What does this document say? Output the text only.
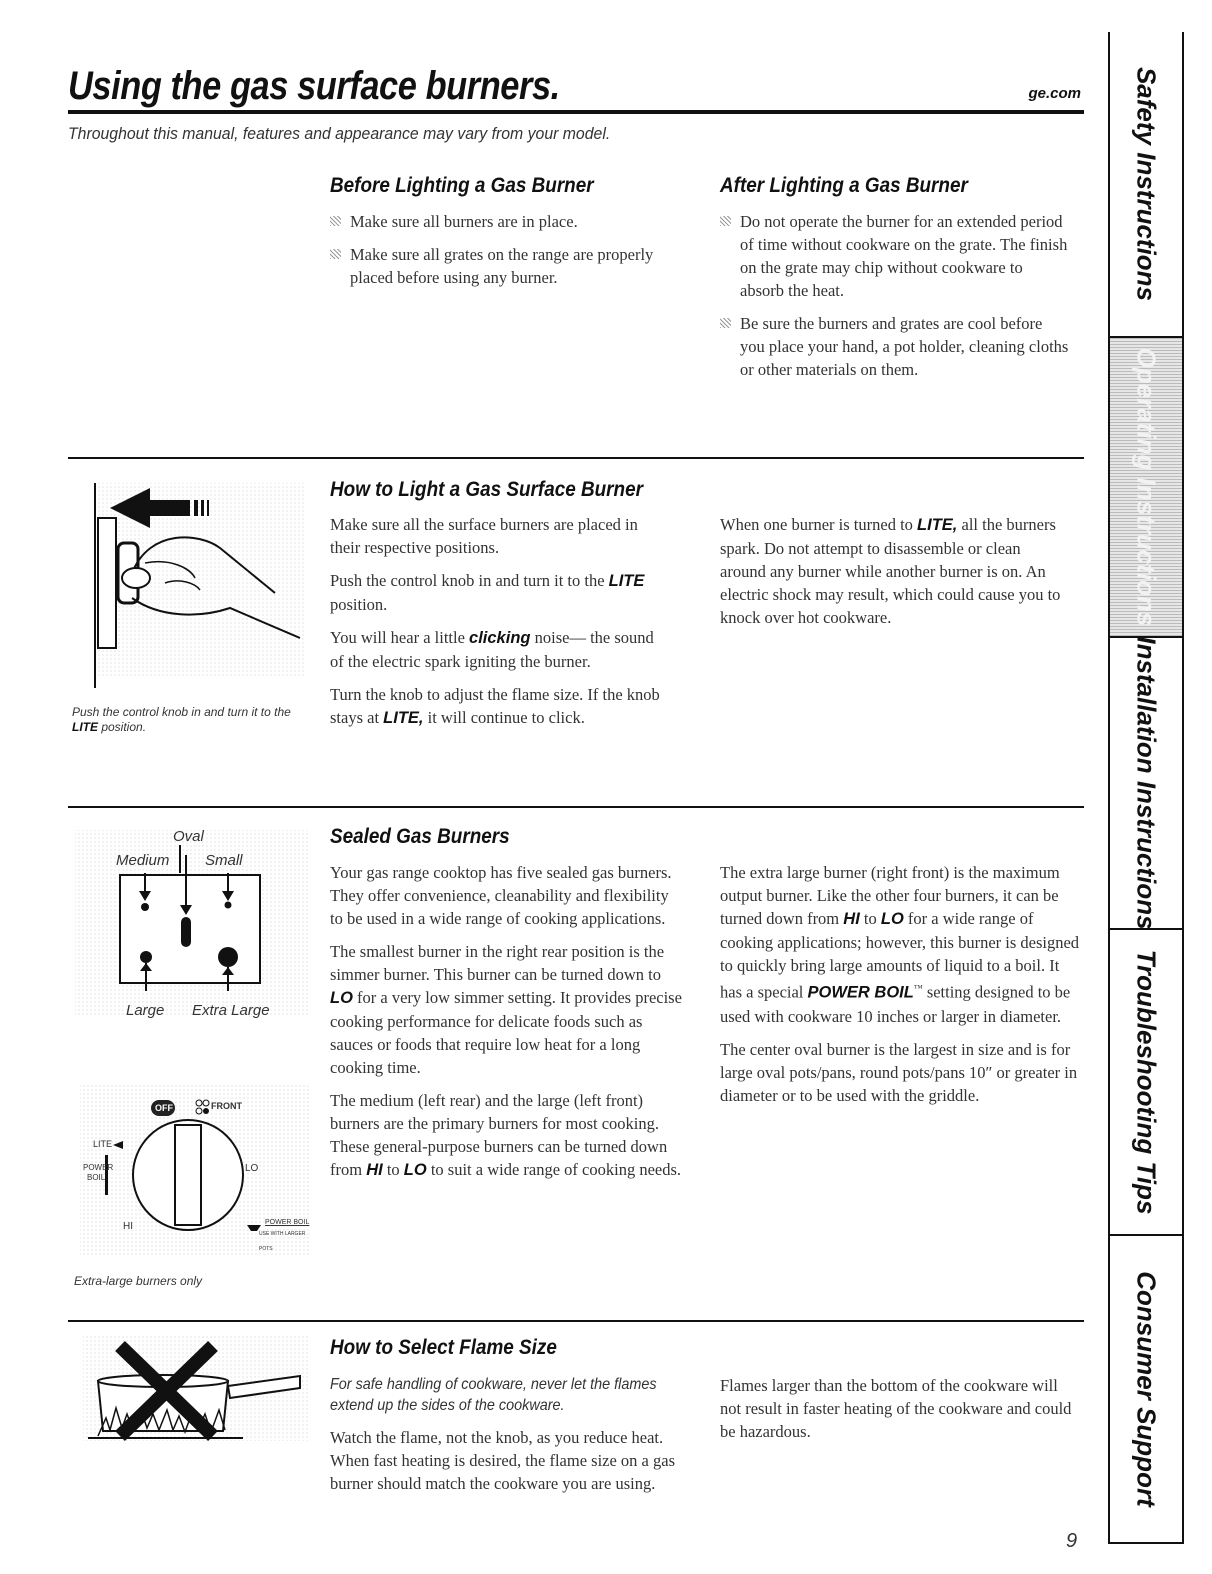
Using the gas surface burners.	ge.com
Throughout this manual, features and appearance may vary from your model.
Before Lighting a Gas Burner

Make sure all burners are in place.

Make sure all grates on the range are properly placed before using any burner.

After Lighting a Gas Burner

Do not operate the burner for an extended period of time without cookware on the grate. The finish on the grate may chip without cookware to absorb the heat.

Be sure the burners and grates are cool before you place your hand, a pot holder, cleaning cloths or other materials on them.

Push the control knob in and turn it to the LITE position.
How to Light a Gas Surface Burner

Make sure all the surface burners are placed in their respective positions.

Push the control knob in and turn it to the LITE position.

You will hear a little clicking noise— the sound of the electric spark igniting the burner.

Turn the knob to adjust the flame size. If the knob stays at LITE, it will continue to click.

When one burner is turned to LITE, all the burners spark. Do not attempt to disassemble or clean around any burner while another burner is on. An electric shock may result, which could cause you to knock over hot cookware.

Oval
Medium Small
Large Extra Large
OFF	FRONT
LITE
POWER
BOIL
LO
HI	POWER BOIL
USE WITH LARGER POTS
Extra-large burners only
Sealed Gas Burners

Your gas range cooktop has five sealed gas burners. They offer convenience, cleanability and flexibility to be used in a wide range of cooking applications.

The smallest burner in the right rear position is the simmer burner. This burner can be turned down to LO for a very low simmer setting. It provides precise cooking performance for delicate foods such as sauces or foods that require low heat for a long cooking time.

The medium (left rear) and the large (left front) burners are the primary burners for most cooking. These general-purpose burners can be turned down from HI to LO to suit a wide range of cooking needs.

The extra large burner (right front) is the maximum output burner. Like the other four burners, it can be turned down from HI to LO for a wide range of cooking applications; however, this burner is designed to quickly bring large amounts of liquid to a boil. It has a special POWER BOIL™ setting designed to be used with cookware 10 inches or larger in diameter.

The center oval burner is the largest in size and is for large oval pots/pans, round pots/pans 10″ or greater in diameter or to be used with the griddle.

How to Select Flame Size

For safe handling of cookware, never let the flames extend up the sides of the cookware.

Watch the flame, not the knob, as you reduce heat. When fast heating is desired, the flame size on a gas burner should match the cookware you are using.

Flames larger than the bottom of the cookware will not result in faster heating of the cookware and could be hazardous.

9
Safety Instructions
Operating Instructions
Installation Instructions
Troubleshooting Tips
Consumer Support
